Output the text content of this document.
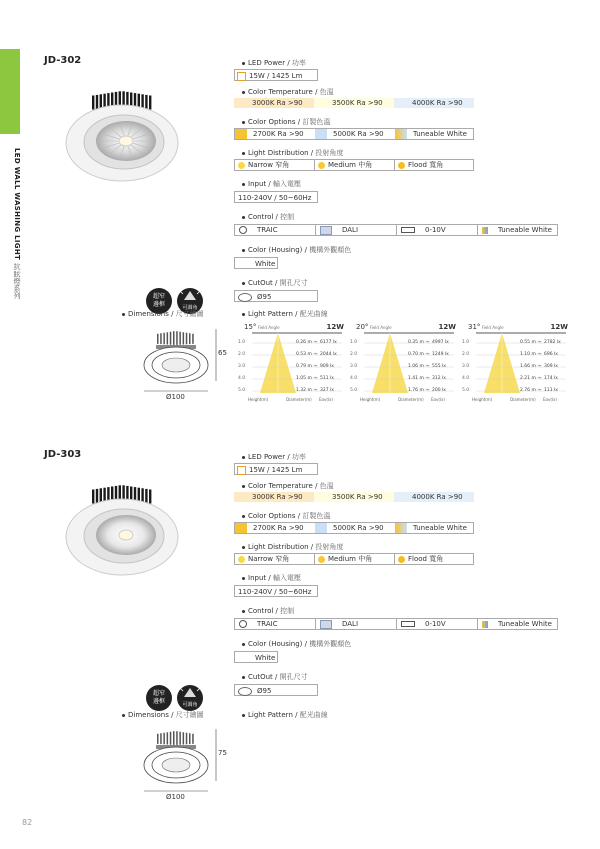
LED WALL WASHING LIGHT 抗眩燈系列
82
JD-302	LED Power / 功率
15W / 1425 Lm
Color Temperature / 色溫
3000K Ra >90	3500K Ra >90	4000K Ra >90
Color Options / 訂製色溫
2700K Ra >90	5000K Ra >90	Tuneable White
Light Distribution / 投射角度
Narrow 窄角	Medium 中角	Flood 寬角
Input / 輸入電壓
110-240V / 50~60Hz
Control / 控制
TRAIC	DALI	0-10V	Tuneable White
Color (Housing) / 機構外觀顏色
White
CutOut / 開孔尺寸
Ø95
超窄
邊框	可調角
Dimensions / 尺寸繪圖	Light Pattern / 配光曲線
65
Ø100
15° Field Angle	12W
1.0
2.0
3.0
4.0
5.0
0.26 m → 6177 lx
0.53 m → 2044 lx
0.79 m → 909 lx
1.05 m → 511 lx
1.32 m → 327 lx
Height(m)	Diameter(m) Eav(lx)
20° Field Angle	12W
1.0
2.0
3.0
4.0
5.0
0.35 m → 4997 lx
0.70 m → 1249 lx
1.06 m → 555 lx
1.41 m → 312 lx
1.76 m → 200 lx
Height(m)	Diameter(m) Eav(lx)
31° Field Angle	12W
1.0
2.0
3.0
4.0
5.0
0.55 m → 2782 lx
1.10 m → 696 lx
1.66 m → 309 lx
2.21 m → 174 lx
2.76 m → 111 lx
Height(m)	Diameter(m) Eav(lx)
JD-303	LED Power / 功率
15W / 1425 Lm
Color Temperature / 色溫
3000K Ra >90	3500K Ra >90	4000K Ra >90
Color Options / 訂製色溫
2700K Ra >90	5000K Ra >90	Tuneable White
Light Distribution / 投射角度
Narrow 窄角	Medium 中角	Flood 寬角
Input / 輸入電壓
110-240V / 50~60Hz
Control / 控制
TRAIC	DALI	0-10V	Tuneable White
Color (Housing) / 機構外觀顏色
White
CutOut / 開孔尺寸
Ø95
超窄
邊框	可調角
Dimensions / 尺寸繪圖	Light Pattern / 配光曲線
75
Ø100
